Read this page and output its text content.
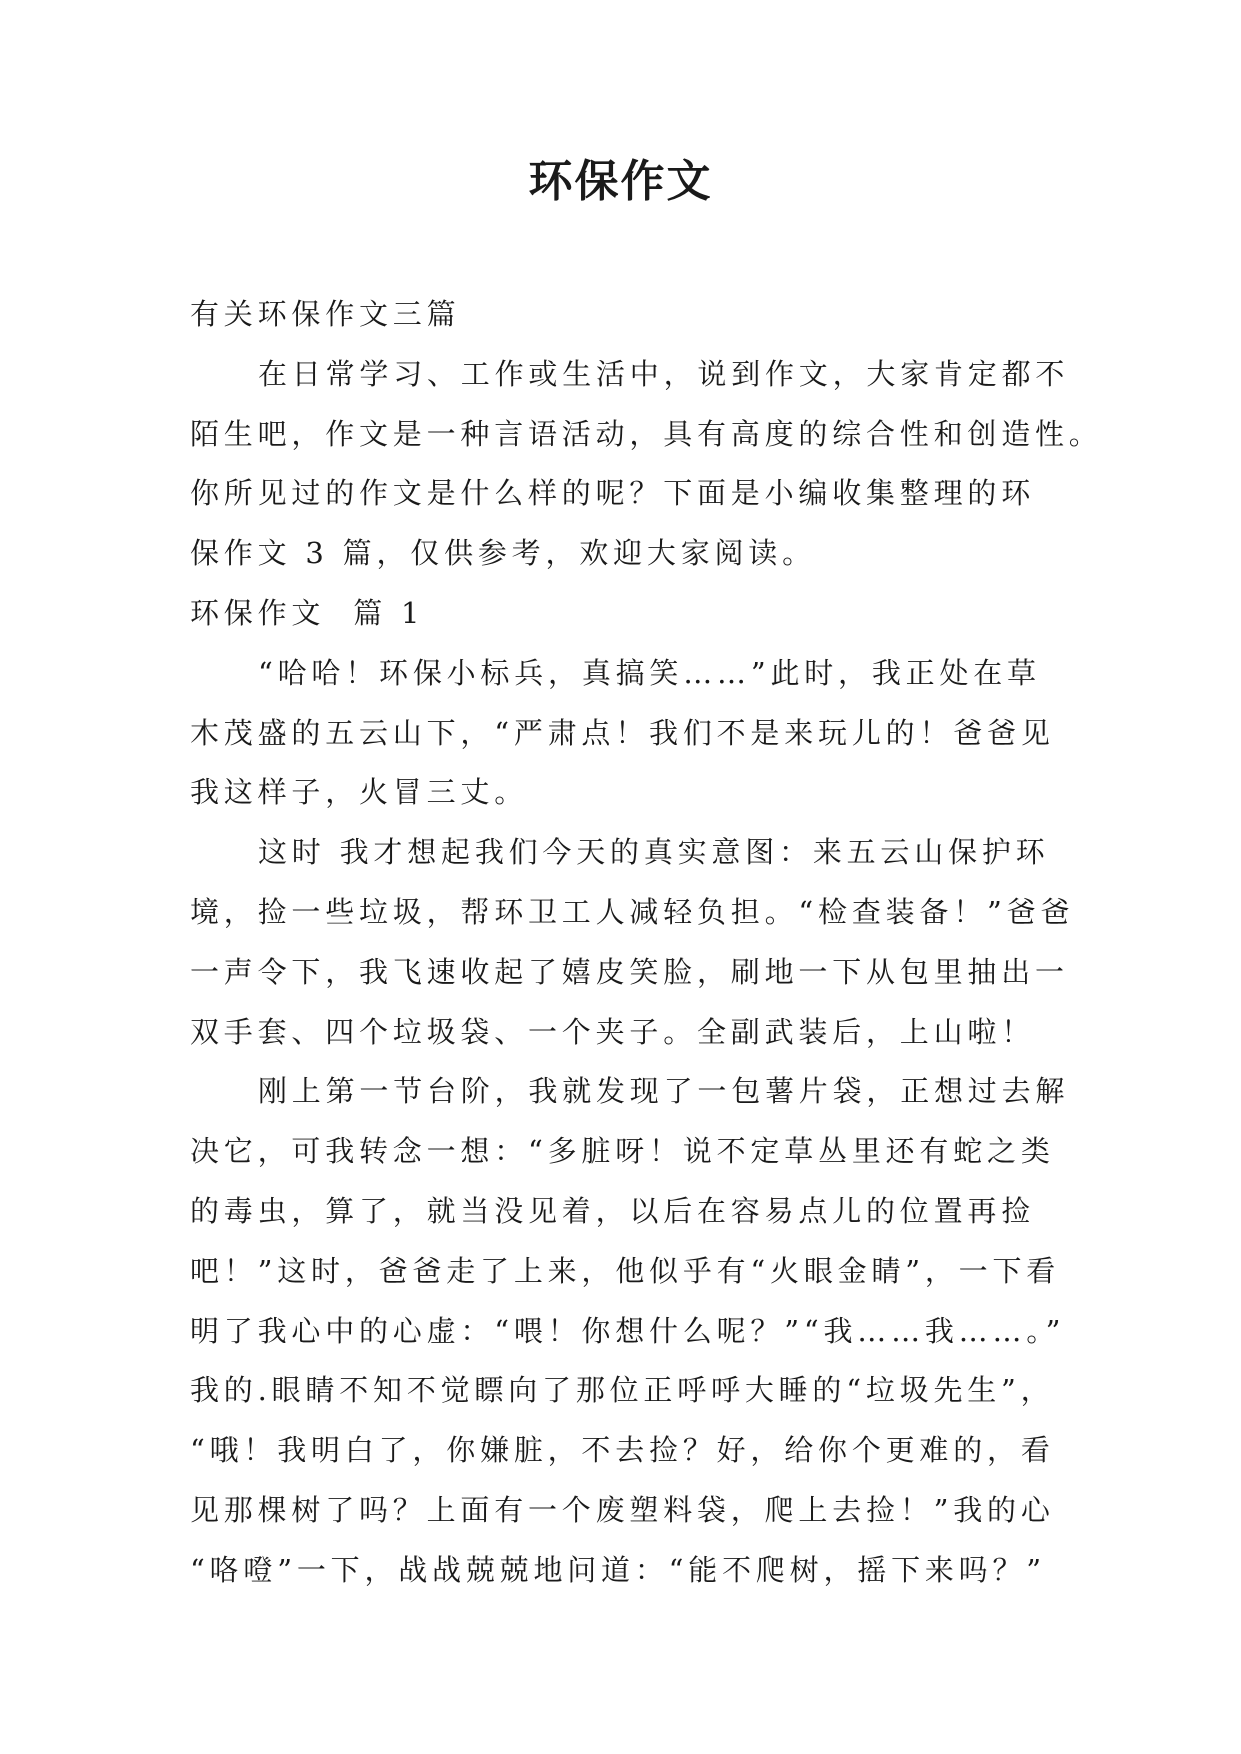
环保作文

有关环保作文三篇

在日常学习、工作或生活中，说到作文，大家肯定都不

陌生吧，作文是一种言语活动，具有高度的综合性和创造性。

你所见过的作文是什么样的呢？下面是小编收集整理的环

保作文 3 篇，仅供参考，欢迎大家阅读。

环保作文  篇 1

“哈哈！环保小标兵，真搞笑……”此时，我正处在草

木茂盛的五云山下，“严肃点！我们不是来玩儿的！爸爸见

我这样子，火冒三丈。

这时 我才想起我们今天的真实意图：来五云山保护环

境，捡一些垃圾，帮环卫工人减轻负担。“检查装备！”爸爸

一声令下，我飞速收起了嬉皮笑脸，刷地一下从包里抽出一

双手套、四个垃圾袋、一个夹子。全副武装后，上山啦！

刚上第一节台阶，我就发现了一包薯片袋，正想过去解

决它，可我转念一想：“多脏呀！说不定草丛里还有蛇之类

的毒虫，算了，就当没见着，以后在容易点儿的位置再捡

吧！”这时，爸爸走了上来，他似乎有“火眼金睛”，一下看

明了我心中的心虚：“喂！你想什么呢？”“我……我……。”

我的.眼睛不知不觉瞟向了那位正呼呼大睡的“垃圾先生”，

“哦！我明白了，你嫌脏，不去捡？好，给你个更难的，看

见那棵树了吗？上面有一个废塑料袋，爬上去捡！”我的心

“咯噔”一下，战战兢兢地问道：“能不爬树，摇下来吗？”
